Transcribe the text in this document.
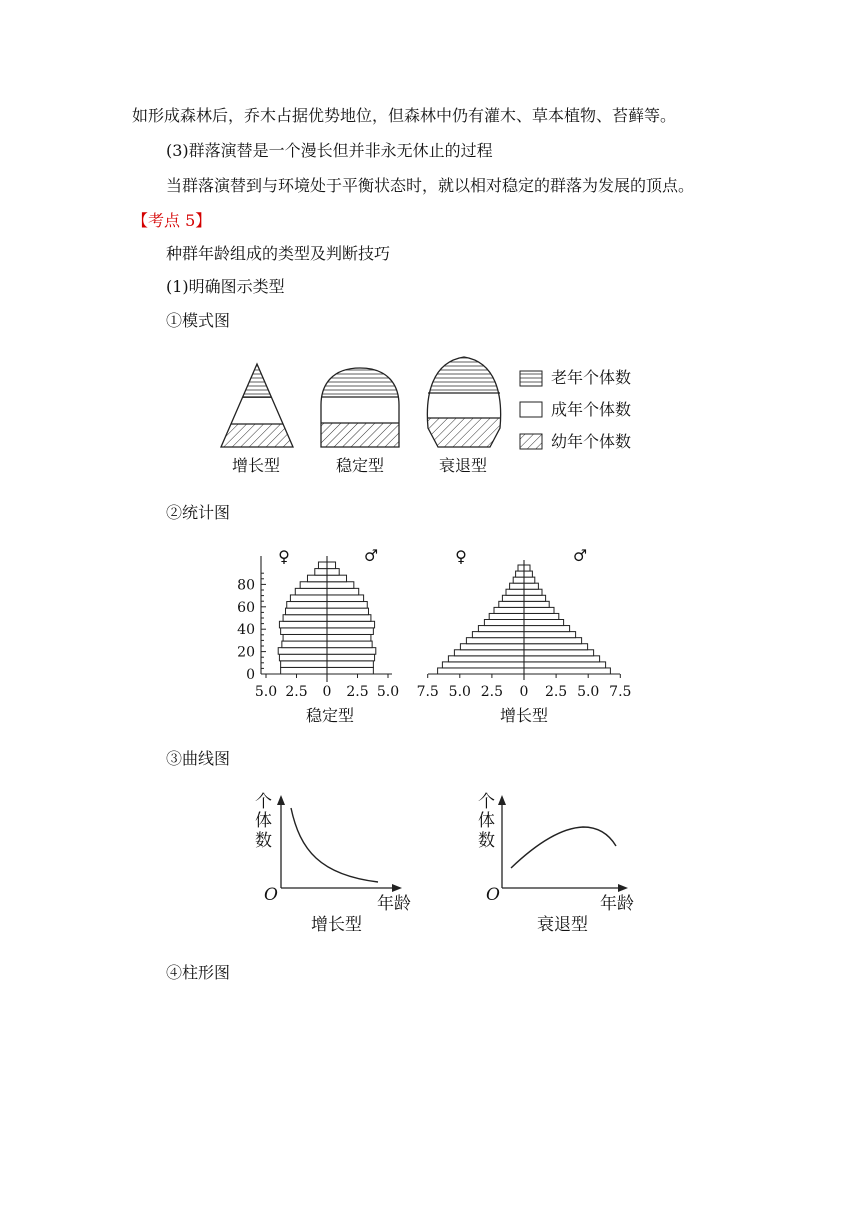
如形成森林后，乔木占据优势地位，但森林中仍有灌木、草本植物、苔藓等。
(3)群落演替是一个漫长但并非永无休止的过程
当群落演替到与环境处于平衡状态时，就以相对稳定的群落为发展的顶点。
【考点 5】
种群年龄组成的类型及判断技巧
(1)明确图示类型
①模式图
增长型	稳定型	衰退型
老年个体数
成年个体数
幼年个体数
②统计图
0
20
40
60
80
5.0 2.5 0 2.5 5.0
♀	♂
7.5 5.0 2.5 0 2.5 5.0 7.5
♀	♂
稳定型	增长型
③曲线图
个
体
数
O	年龄
增长型
个
体
数
O	年龄
衰退型
④柱形图
